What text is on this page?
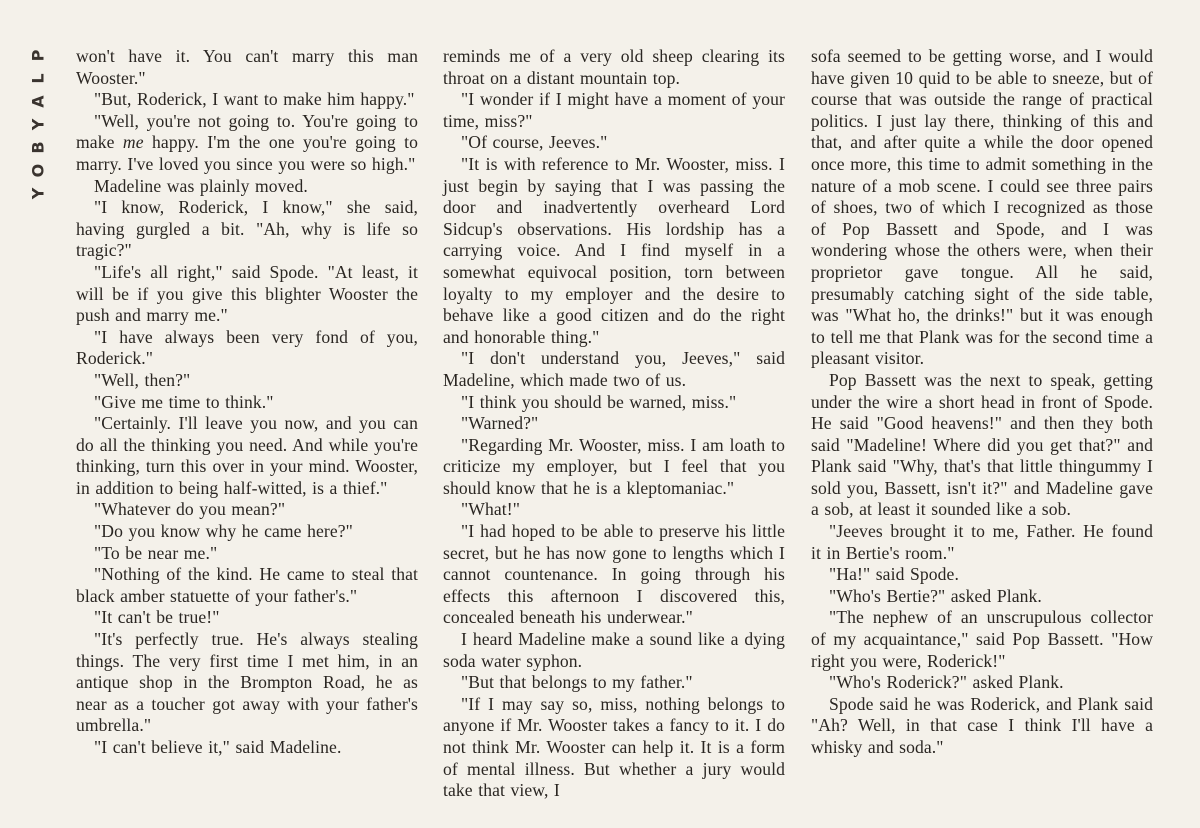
P
L
A
Y
B
O
Y

won't have it. You can't marry this man Wooster."

"But, Roderick, I want to make him happy."

"Well, you're not going to. You're going to make me happy. I'm the one you're going to marry. I've loved you since you were so high."

Madeline was plainly moved.

"I know, Roderick, I know," she said, having gurgled a bit. "Ah, why is life so tragic?"

"Life's all right," said Spode. "At least, it will be if you give this blighter Wooster the push and marry me."

"I have always been very fond of you, Roderick."

"Well, then?"

"Give me time to think."

"Certainly. I'll leave you now, and you can do all the thinking you need. And while you're thinking, turn this over in your mind. Wooster, in addition to being half-witted, is a thief."

"Whatever do you mean?"

"Do you know why he came here?"

"To be near me."

"Nothing of the kind. He came to steal that black amber statuette of your father's."

"It can't be true!"

"It's perfectly true. He's always stealing things. The very first time I met him, in an antique shop in the Brompton Road, he as near as a toucher got away with your father's umbrella."

"I can't believe it," said Madeline.

reminds me of a very old sheep clearing its throat on a distant mountain top.

"I wonder if I might have a moment of your time, miss?"

"Of course, Jeeves."

"It is with reference to Mr. Wooster, miss. I just begin by saying that I was passing the door and inadvertently overheard Lord Sidcup's observations. His lordship has a carrying voice. And I find myself in a somewhat equivocal position, torn between loyalty to my employer and the desire to behave like a good citizen and do the right and honorable thing."

"I don't understand you, Jeeves," said Madeline, which made two of us.

"I think you should be warned, miss."

"Warned?"

"Regarding Mr. Wooster, miss. I am loath to criticize my employer, but I feel that you should know that he is a kleptomaniac."

"What!"

"I had hoped to be able to preserve his little secret, but he has now gone to lengths which I cannot countenance. In going through his effects this afternoon I discovered this, concealed beneath his underwear."

I heard Madeline make a sound like a dying soda water syphon.

"But that belongs to my father."

"If I may say so, miss, nothing belongs to anyone if Mr. Wooster takes a fancy to it. I do not think Mr. Wooster can help it. It is a form of mental illness. But whether a jury would take that view, I

sofa seemed to be getting worse, and I would have given 10 quid to be able to sneeze, but of course that was outside the range of practical politics. I just lay there, thinking of this and that, and after quite a while the door opened once more, this time to admit something in the nature of a mob scene. I could see three pairs of shoes, two of which I recognized as those of Pop Bassett and Spode, and I was wondering whose the others were, when their proprietor gave tongue. All he said, presumably catching sight of the side table, was "What ho, the drinks!" but it was enough to tell me that Plank was for the second time a pleasant visitor.

Pop Bassett was the next to speak, getting under the wire a short head in front of Spode. He said "Good heavens!" and then they both said "Madeline! Where did you get that?" and Plank said "Why, that's that little thingummy I sold you, Bassett, isn't it?" and Madeline gave a sob, at least it sounded like a sob.

"Jeeves brought it to me, Father. He found it in Bertie's room."

"Ha!" said Spode.

"Who's Bertie?" asked Plank.

"The nephew of an unscrupulous collector of my acquaintance," said Pop Bassett. "How right you were, Roderick!"

"Who's Roderick?" asked Plank.

Spode said he was Roderick, and Plank said "Ah? Well, in that case I think I'll have a whisky and soda."
